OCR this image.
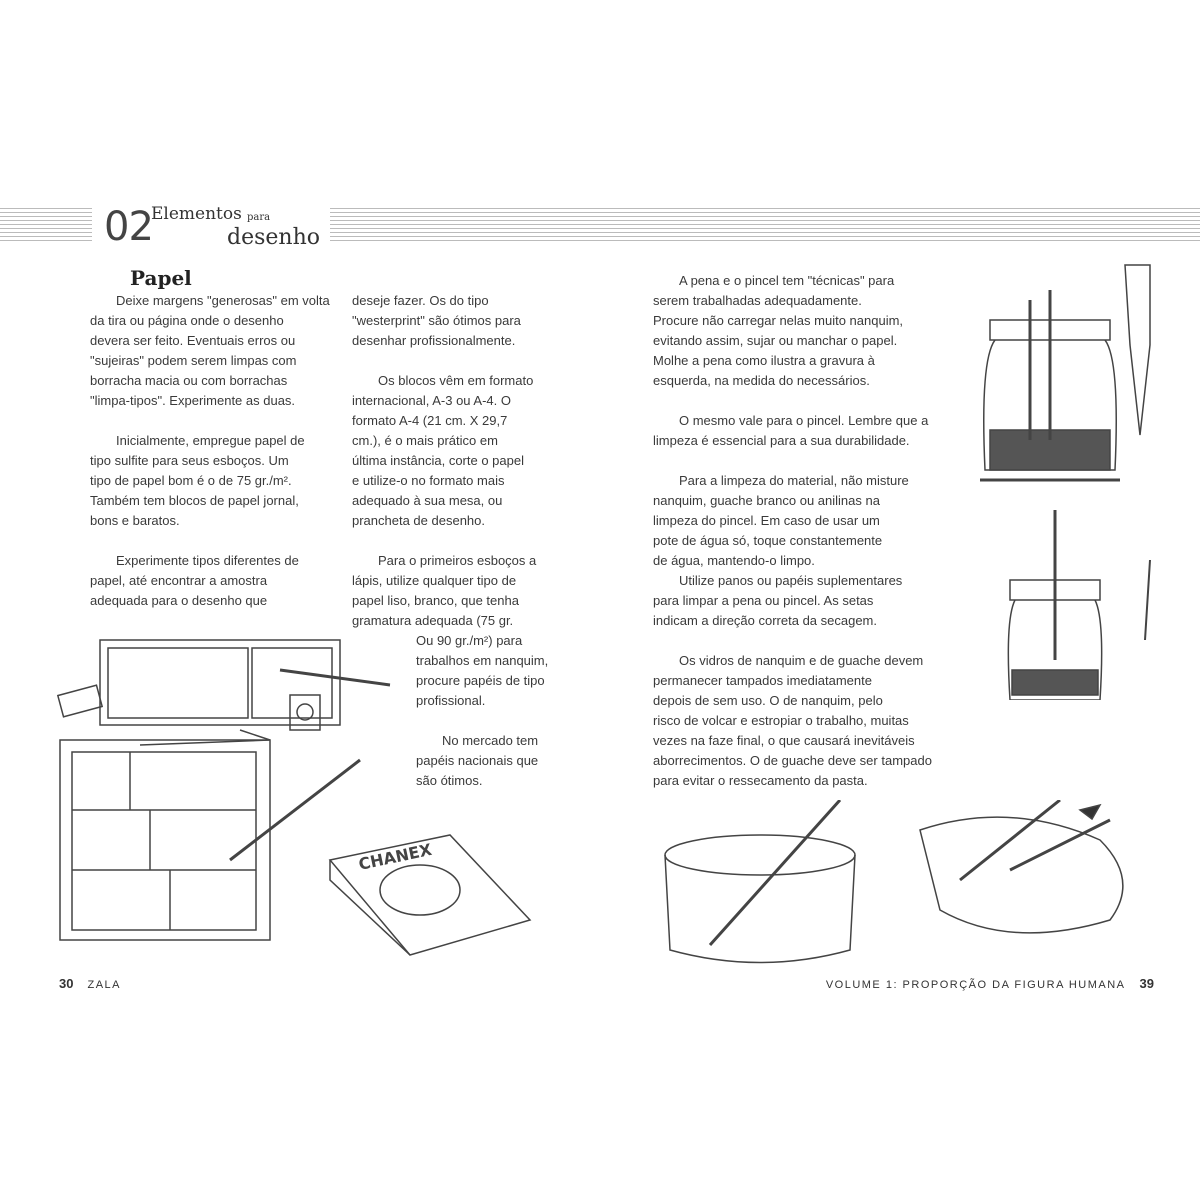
02
Elementos para
desenho
Papel
Deixe margens "generosas" em volta
da tira ou página onde o desenho
devera ser feito. Eventuais erros ou
"sujeiras" podem serem limpas com
borracha macia ou com borrachas
"limpa-tipos". Experimente as duas.
Inicialmente, empregue papel de
tipo sulfite para seus esboços. Um
tipo de papel bom é o de 75 gr./m².
Também tem blocos de papel jornal,
bons e baratos.
Experimente tipos diferentes de
papel, até encontrar a amostra
adequada para o desenho que
deseje fazer. Os do tipo
"westerprint" são ótimos para
desenhar profissionalmente.
Os blocos vêm em formato
internacional, A-3 ou A-4. O
formato A-4 (21 cm. X 29,7
cm.), é o mais prático em
última instância, corte o papel
e utilize-o no formato mais
adequado à sua mesa, ou
prancheta de desenho.
Para o primeiros esboços a
lápis, utilize qualquer tipo de
papel liso, branco, que tenha
gramatura adequada (75 gr.
Ou 90 gr./m²) para
trabalhos em nanquim,
procure papéis de tipo
profissional.
No mercado tem
papéis nacionais que
são ótimos.
A pena e o pincel tem "técnicas" para
serem trabalhadas adequadamente.
Procure não carregar nelas muito nanquim,
evitando assim, sujar ou manchar o papel.
Molhe a pena como ilustra a gravura à
esquerda, na medida do necessários.
O mesmo vale para o pincel. Lembre que a
limpeza é essencial para a sua durabilidade.
Para a limpeza do material, não misture
nanquim, guache branco ou anilinas na
limpeza do pincel. Em caso de usar um
pote de água só, toque constantemente
de água, mantendo-o limpo.
Utilize panos ou papéis suplementares
para limpar a pena ou pincel. As setas
indicam a direção correta da secagem.
Os vidros de nanquim e de guache devem
permanecer tampados imediatamente
depois de sem uso. O de nanquim, pelo
risco de volcar e estropiar o trabalho, muitas
vezes na faze final, o que causará inevitáveis
aborrecimentos. O de guache deve ser tampado
para evitar o ressecamento da pasta.
CHANEX
30 ZALA	VOLUME 1: PROPORÇÃO DA FIGURA HUMANA 39
